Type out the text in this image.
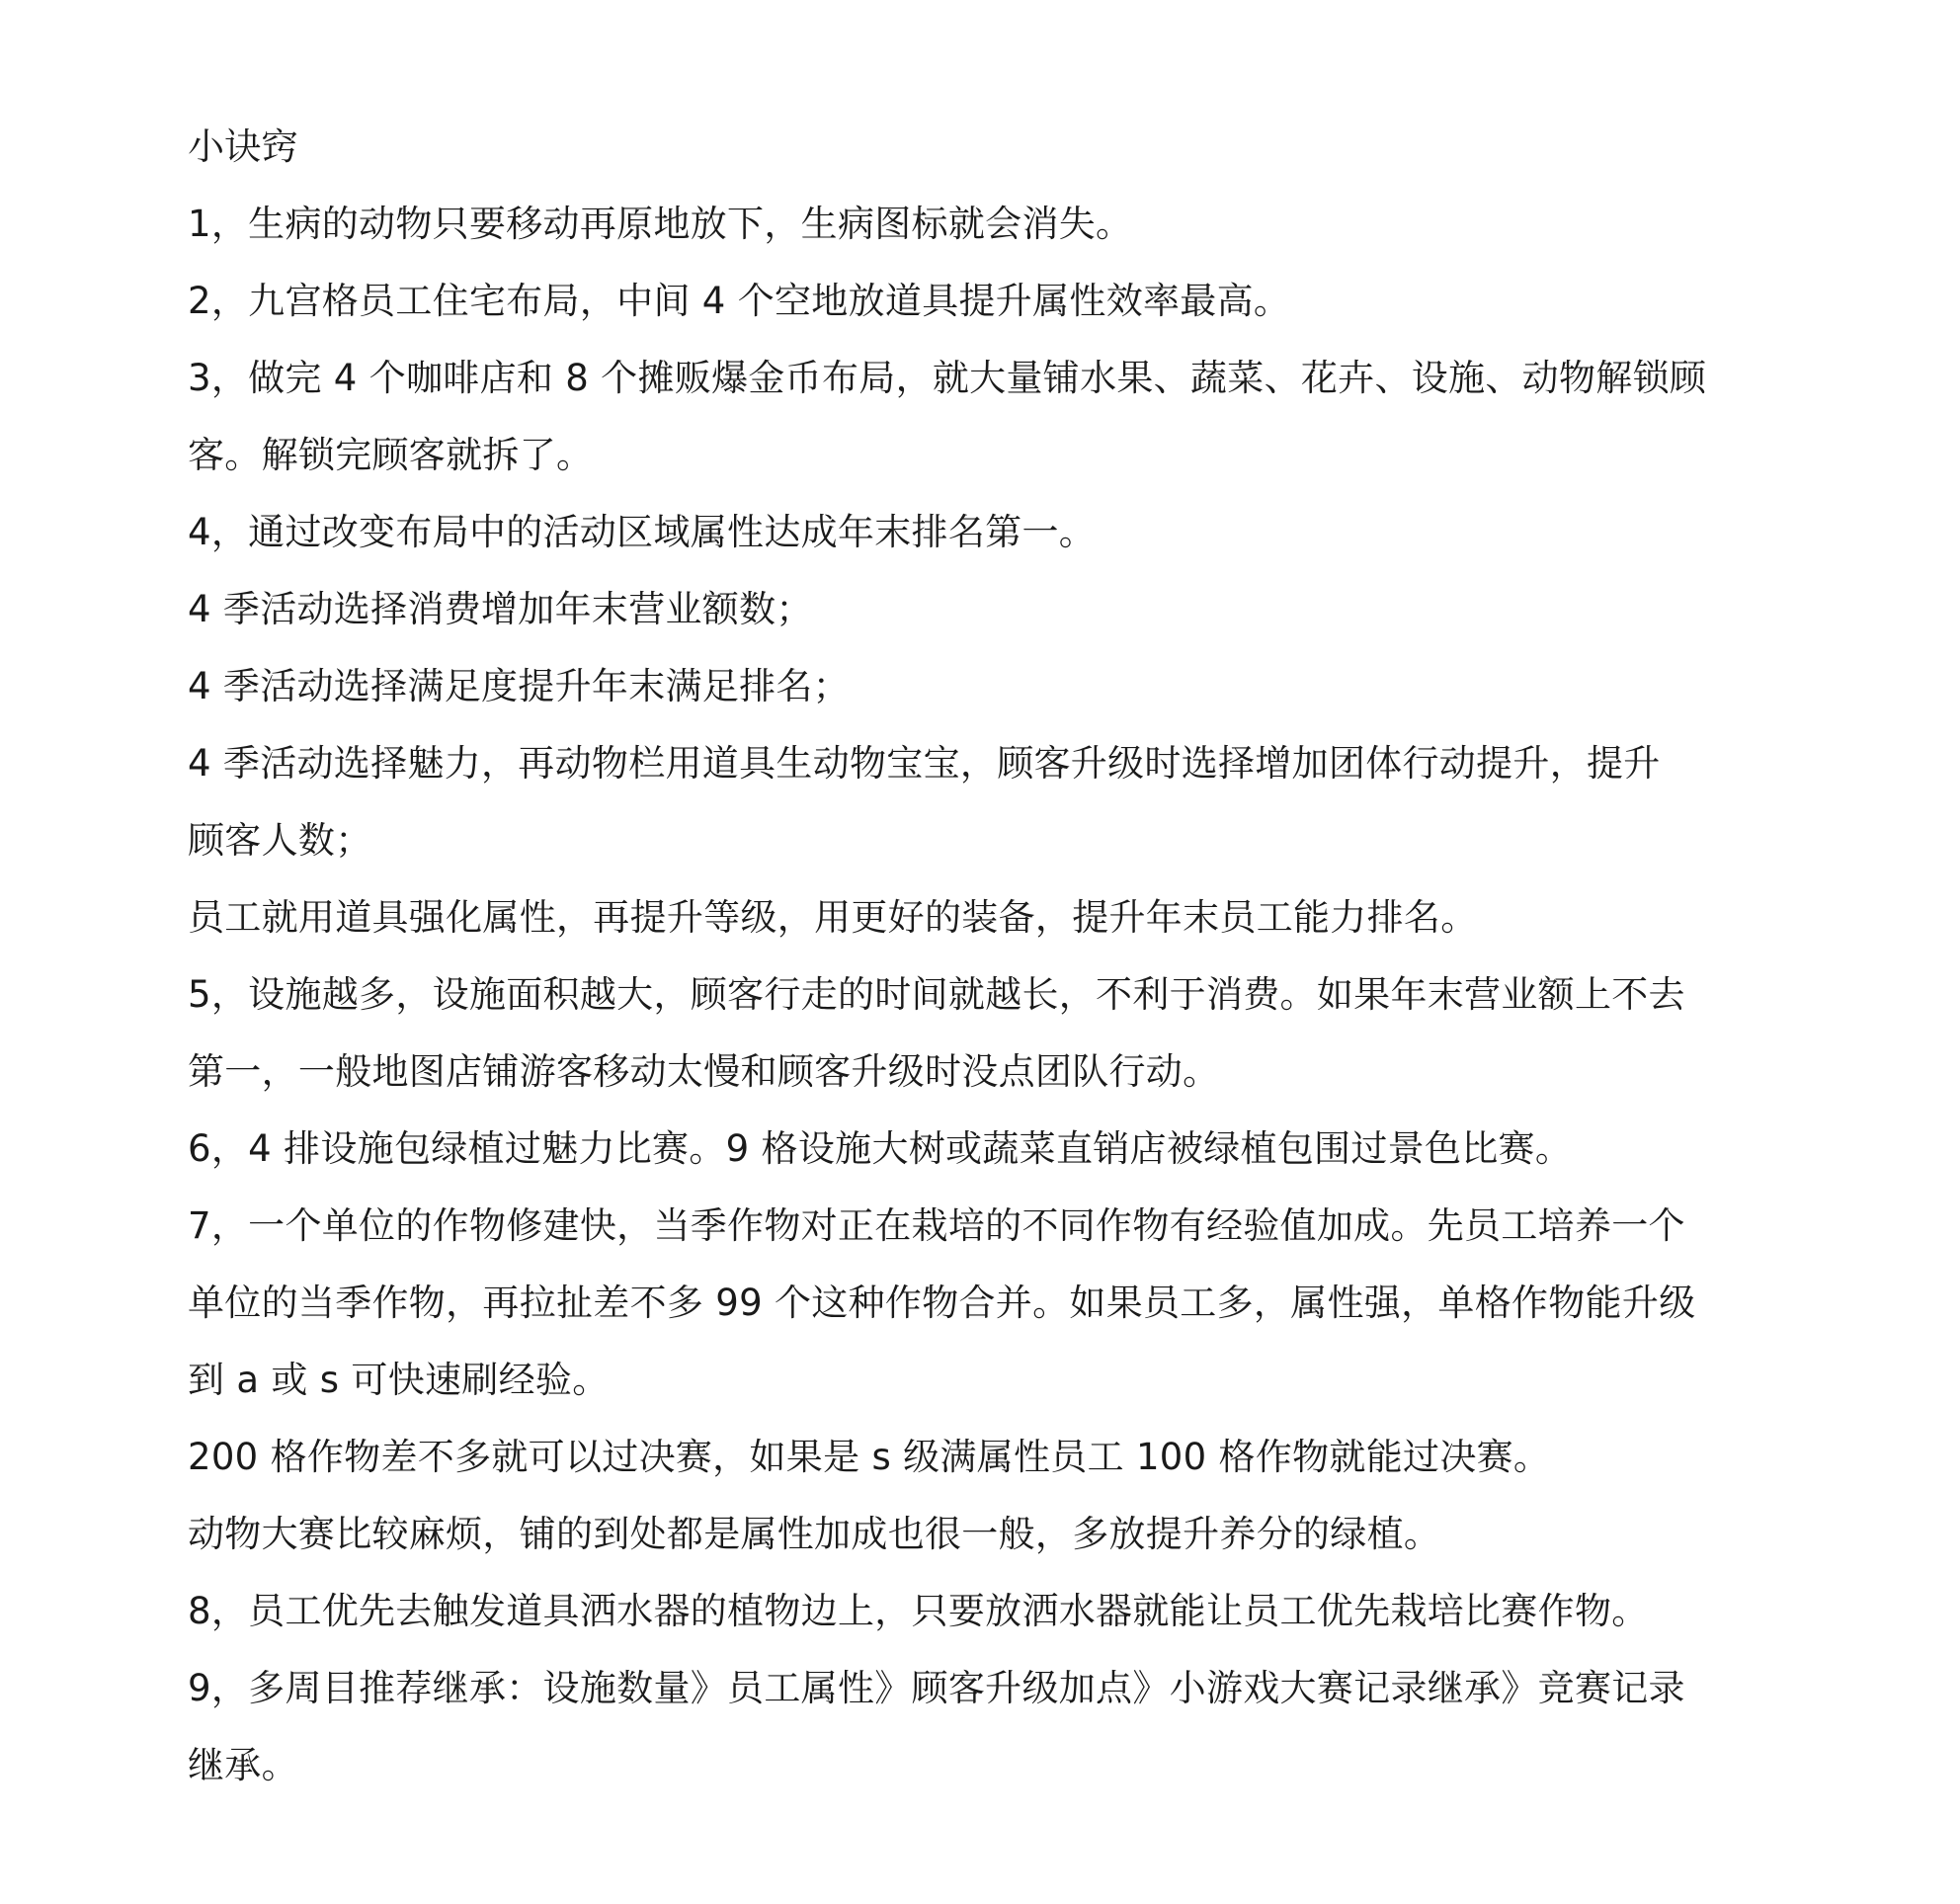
小诀窍

1，生病的动物只要移动再原地放下，生病图标就会消失。

2，九宫格员工住宅布局，中间 4 个空地放道具提升属性效率最高。

3，做完 4 个咖啡店和 8 个摊贩爆金币布局，就大量铺水果、蔬菜、花卉、设施、动物解锁顾

客。解锁完顾客就拆了。

4，通过改变布局中的活动区域属性达成年末排名第一。

4 季活动选择消费增加年末营业额数；

4 季活动选择满足度提升年末满足排名；

4 季活动选择魅力，再动物栏用道具生动物宝宝，顾客升级时选择增加团体行动提升，提升

顾客人数；

员工就用道具强化属性，再提升等级，用更好的装备，提升年末员工能力排名。

5，设施越多，设施面积越大，顾客行走的时间就越长，不利于消费。如果年末营业额上不去

第一，一般地图店铺游客移动太慢和顾客升级时没点团队行动。

6，4 排设施包绿植过魅力比赛。9 格设施大树或蔬菜直销店被绿植包围过景色比赛。

7，一个单位的作物修建快，当季作物对正在栽培的不同作物有经验值加成。先员工培养一个

单位的当季作物，再拉扯差不多 99 个这种作物合并。如果员工多，属性强，单格作物能升级

到 a 或 s 可快速刷经验。

200 格作物差不多就可以过决赛，如果是 s 级满属性员工 100 格作物就能过决赛。

动物大赛比较麻烦，铺的到处都是属性加成也很一般，多放提升养分的绿植。

8，员工优先去触发道具洒水器的植物边上，只要放洒水器就能让员工优先栽培比赛作物。

9，多周目推荐继承：设施数量》员工属性》顾客升级加点》小游戏大赛记录继承》竞赛记录

继承。
